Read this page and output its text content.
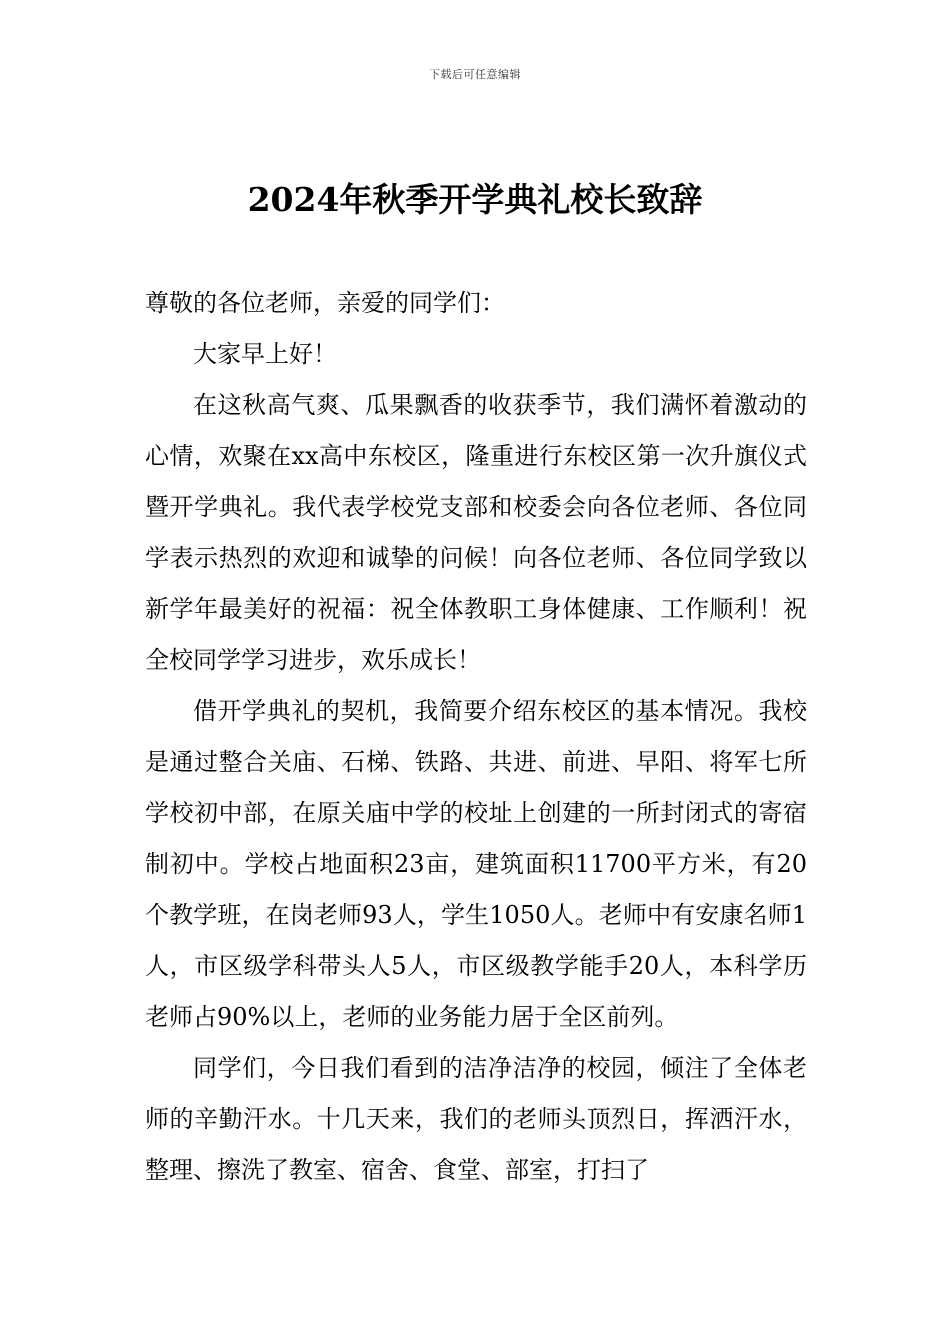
下载后可任意编辑
2024年秋季开学典礼校长致辞

尊敬的各位老师，亲爱的同学们：

大家早上好！

在这秋高气爽、瓜果飘香的收获季节，我们满怀着激动的心情，欢聚在xx高中东校区，隆重进行东校区第一次升旗仪式暨开学典礼。我代表学校党支部和校委会向各位老师、各位同学表示热烈的欢迎和诚挚的问候！向各位老师、各位同学致以新学年最美好的祝福：祝全体教职工身体健康、工作顺利！祝全校同学学习进步，欢乐成长！

借开学典礼的契机，我简要介绍东校区的基本情况。我校是通过整合关庙、石梯、铁路、共进、前进、早阳、将军七所学校初中部，在原关庙中学的校址上创建的一所封闭式的寄宿制初中。学校占地面积23亩，建筑面积11700平方米，有20个教学班，在岗老师93人，学生1050人。老师中有安康名师1人，市区级学科带头人5人，市区级教学能手20人，本科学历老师占90%以上，老师的业务能力居于全区前列。

同学们，今日我们看到的洁净洁净的校园，倾注了全体老师的辛勤汗水。十几天来，我们的老师头顶烈日，挥洒汗水，整理、擦洗了教室、宿舍、食堂、部室，打扫了
